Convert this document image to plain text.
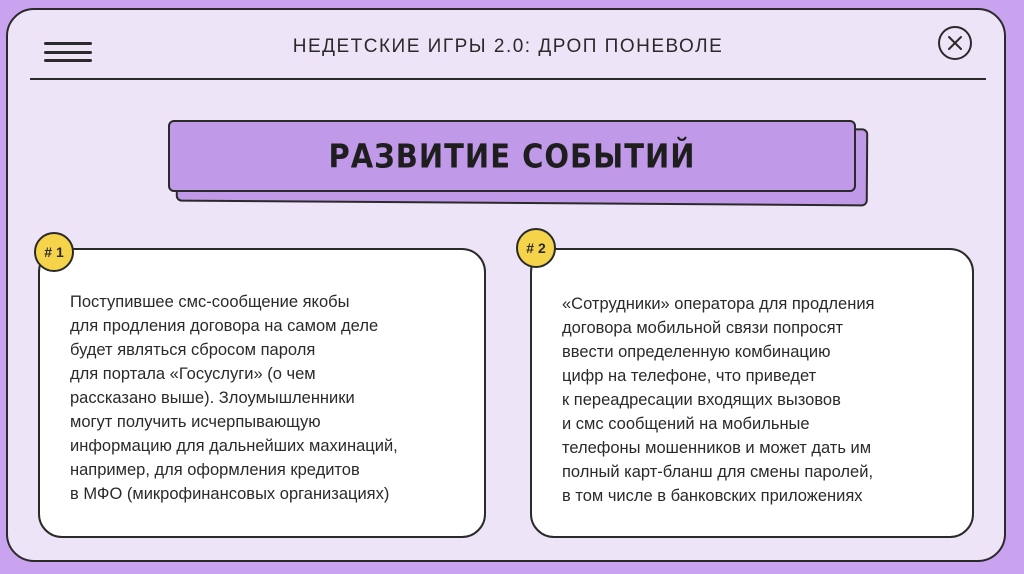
НЕДЕТСКИЕ ИГРЫ 2.0: ДРОП ПОНЕВОЛЕ
РАЗВИТИЕ СОБЫТИЙ
Поступившее смс-сообщение якобы
для продления договора на самом деле
будет являться сбросом пароля
для портала «Госуслуги» (о чем
рассказано выше). Злоумышленники
могут получить исчерпывающую
информацию для дальнейших махинаций,
например, для оформления кредитов
в МФО (микрофинансовых организациях)
# 1
«Сотрудники» оператора для продления
договора мобильной связи попросят
ввести определенную комбинацию
цифр на телефоне, что приведет
к переадресации входящих вызовов
и смс сообщений на мобильные
телефоны мошенников и может дать им
полный карт-бланш для смены паролей,
в том числе в банковских приложениях
# 2
